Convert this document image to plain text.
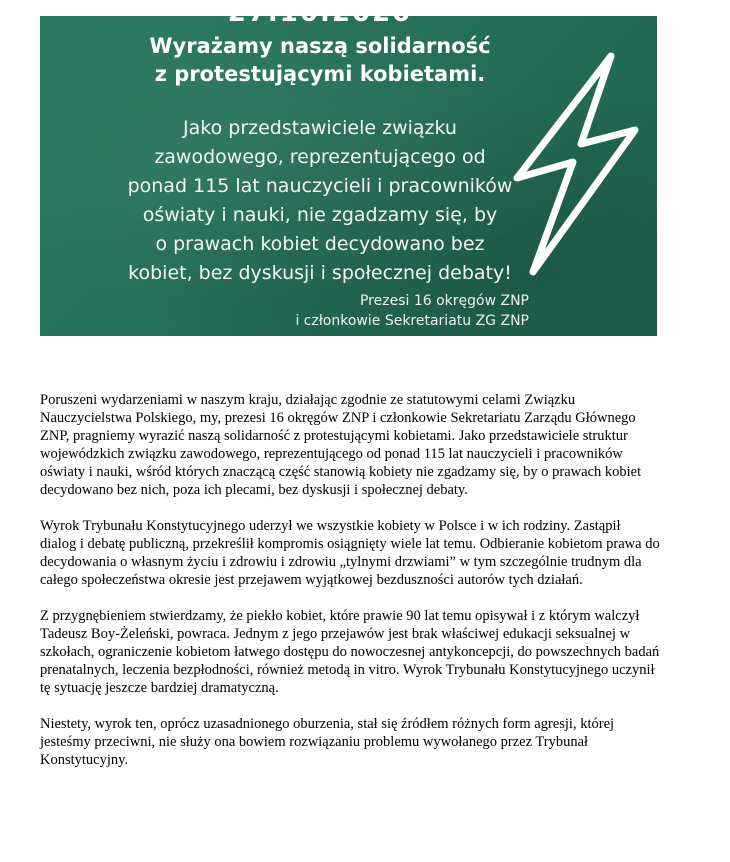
27.10.2020
Wyrażamy naszą solidarność
z protestującymi kobietami.
Jako przedstawiciele związku
zawodowego, reprezentującego od
ponad 115 lat nauczycieli i pracowników
oświaty i nauki, nie zgadzamy się, by
o prawach kobiet decydowano bez
kobiet, bez dyskusji i społecznej debaty!
Prezesi 16 okręgów ZNP
i członkowie Sekretariatu ZG ZNP

Poruszeni wydarzeniami w naszym kraju, działając zgodnie ze statutowymi celami Związku Nauczycielstwa Polskiego, my, prezesi 16 okręgów ZNP i członkowie Sekretariatu Zarządu Głównego ZNP, pragniemy wyrazić naszą solidarność z protestującymi kobietami. Jako przedstawiciele struktur wojewódzkich związku zawodowego, reprezentującego od ponad 115 lat nauczycieli i pracowników oświaty i nauki, wśród których znaczącą część stanowią kobiety nie zgadzamy się, by o prawach kobiet decydowano bez nich, poza ich plecami, bez dyskusji i społecznej debaty.

Wyrok Trybunału Konstytucyjnego uderzył we wszystkie kobiety w Polsce i w ich rodziny. Zastąpił dialog i debatę publiczną, przekreślił kompromis osiągnięty wiele lat temu. Odbieranie kobietom prawa do decydowania o własnym życiu i zdrowiu i zdrowiu „tylnymi drzwiami” w tym szczególnie trudnym dla całego społeczeństwa okresie jest przejawem wyjątkowej bezduszności autorów tych działań.

Z przygnębieniem stwierdzamy, że piekło kobiet, które prawie 90 lat temu opisywał i z którym walczył Tadeusz Boy-Żeleński, powraca. Jednym z jego przejawów jest brak właściwej edukacji seksualnej w szkołach, ograniczenie kobietom łatwego dostępu do nowoczesnej antykoncepcji, do powszechnych badań prenatalnych, leczenia bezpłodności, również metodą in vitro. Wyrok Trybunału Konstytucyjnego uczynił tę sytuację jeszcze bardziej dramatyczną.

Niestety, wyrok ten, oprócz uzasadnionego oburzenia, stał się źródłem różnych form agresji, której jesteśmy przeciwni, nie służy ona bowiem rozwiązaniu problemu wywołanego przez Trybunał Konstytucyjny.
